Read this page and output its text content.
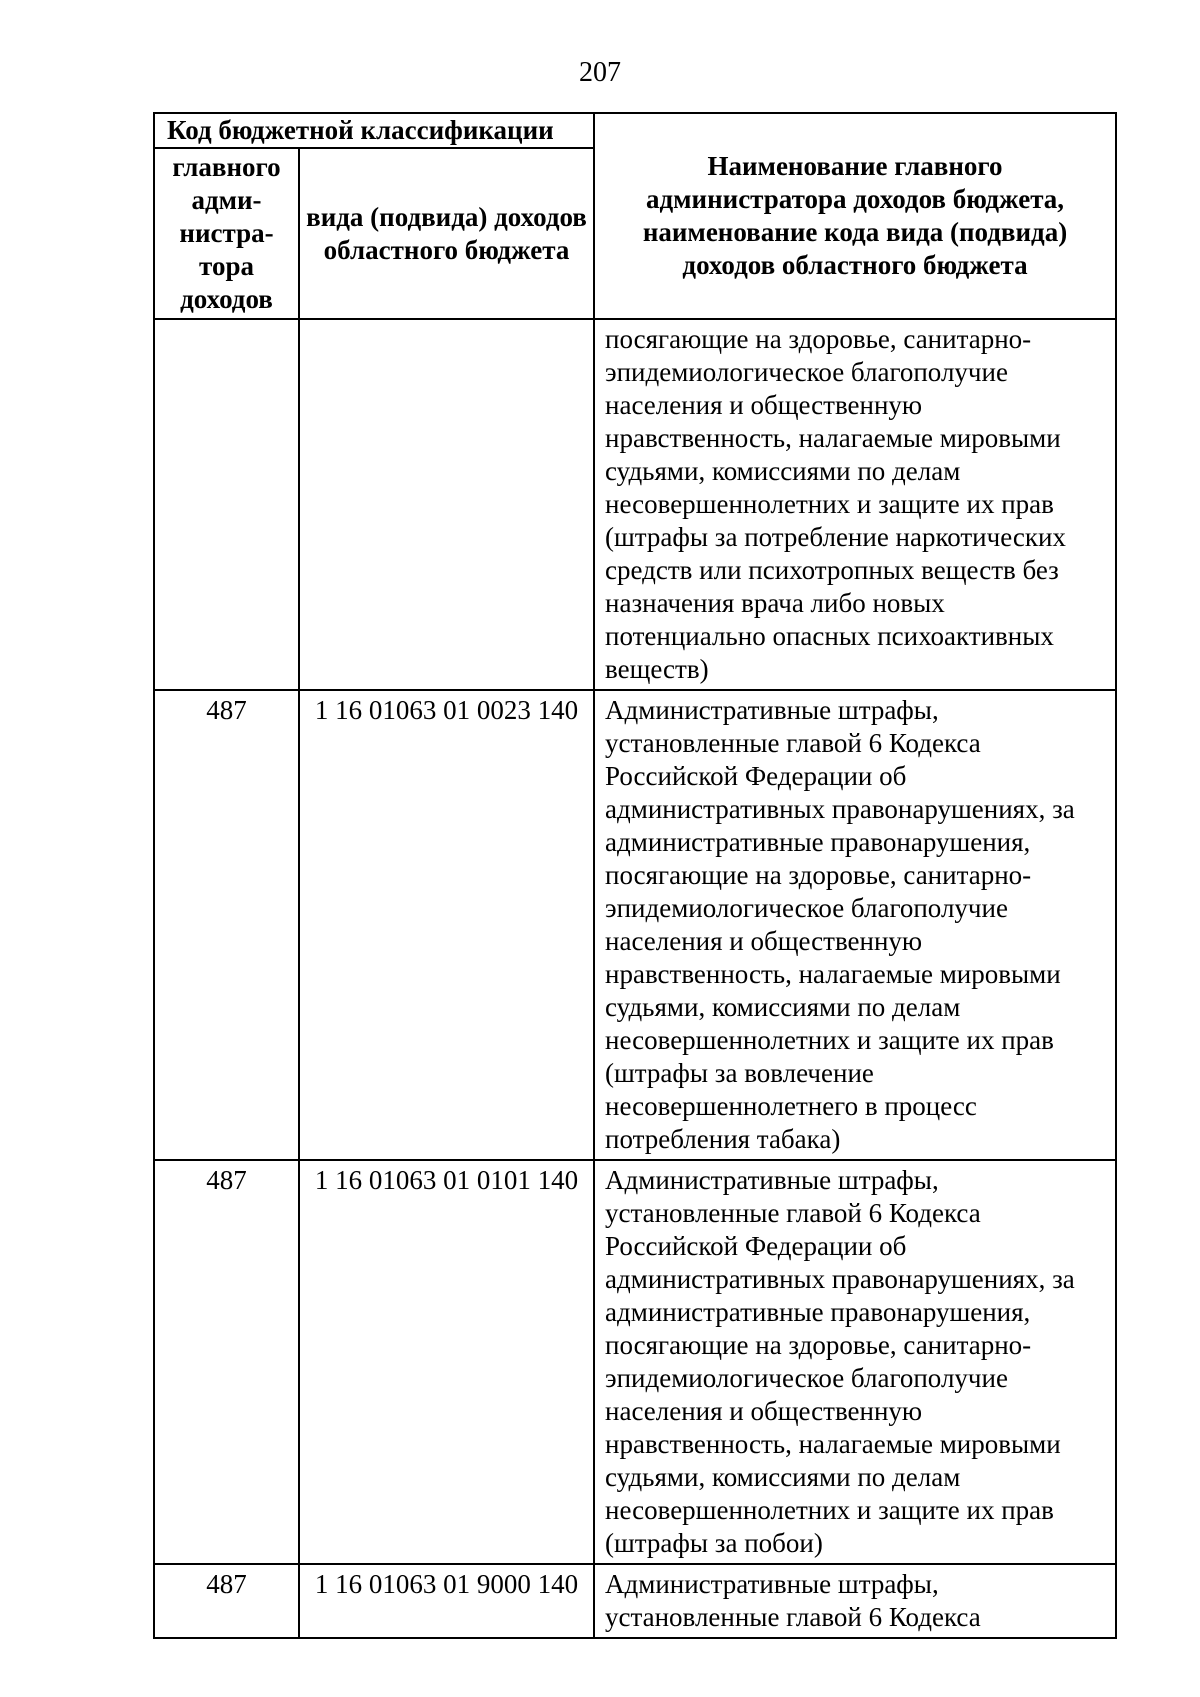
207
Код бюджетной классификации		Наименование главного администратора доходов бюджета, наименование кода вида (подвида) доходов областного бюджета
главного адми-нистра-тора доходов	вида (подвида) доходов областного бюджета	
		посягающие на здоровье, санитарно-эпидемиологическое благополучие населения и общественную нравственность, налагаемые мировыми судьями, комиссиями по делам несовершеннолетних и защите их прав (штрафы за потребление наркотических средств или психотропных веществ без назначения врача либо новых потенциально опасных психоактивных веществ)
487	1 16 01063 01 0023 140	Административные штрафы, установленные главой 6 Кодекса Российской Федерации об административных правонарушениях, за административные правонарушения, посягающие на здоровье, санитарно-эпидемиологическое благополучие населения и общественную нравственность, налагаемые мировыми судьями, комиссиями по делам несовершеннолетних и защите их прав (штрафы за вовлечение несовершеннолетнего в процесс потребления табака)
487	1 16 01063 01 0101 140	Административные штрафы, установленные главой 6 Кодекса Российской Федерации об административных правонарушениях, за административные правонарушения, посягающие на здоровье, санитарно-эпидемиологическое благополучие населения и общественную нравственность, налагаемые мировыми судьями, комиссиями по делам несовершеннолетних и защите их прав (штрафы за побои)
487	1 16 01063 01 9000 140	Административные штрафы, установленные главой 6 Кодекса
